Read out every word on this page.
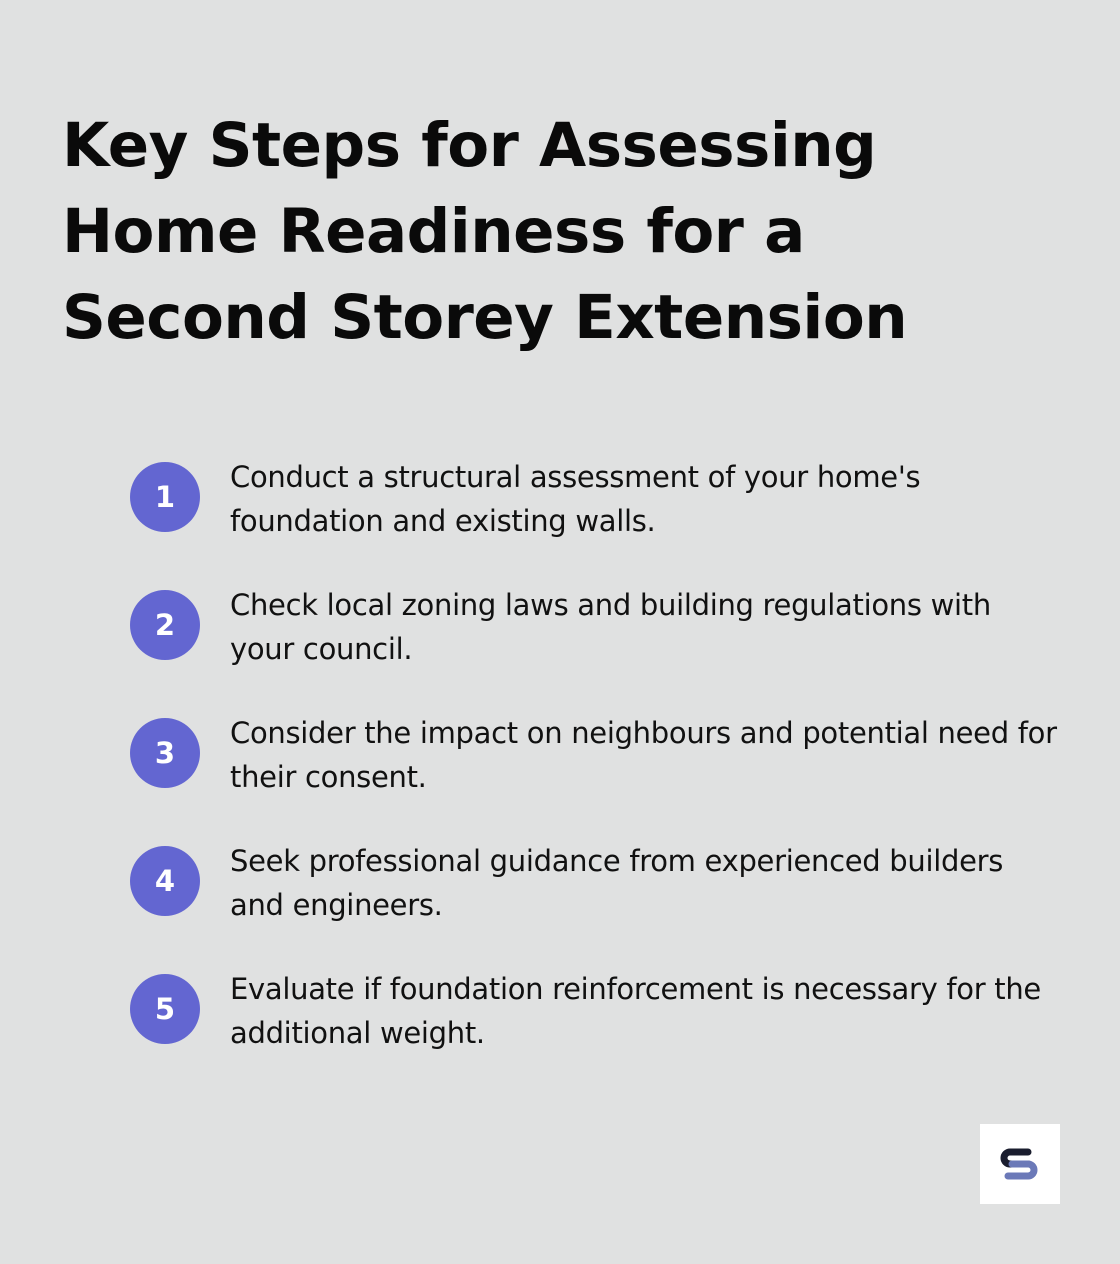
Key Steps for Assessing Home Readiness for a Second Storey Extension
1

Conduct a structural assessment of your home's foundation and existing walls.

2

Check local zoning laws and building regulations with your council.

3

Consider the impact on neighbours and potential need for their consent.

4

Seek professional guidance from experienced builders and engineers.

5

Evaluate if foundation reinforcement is necessary for the additional weight.
